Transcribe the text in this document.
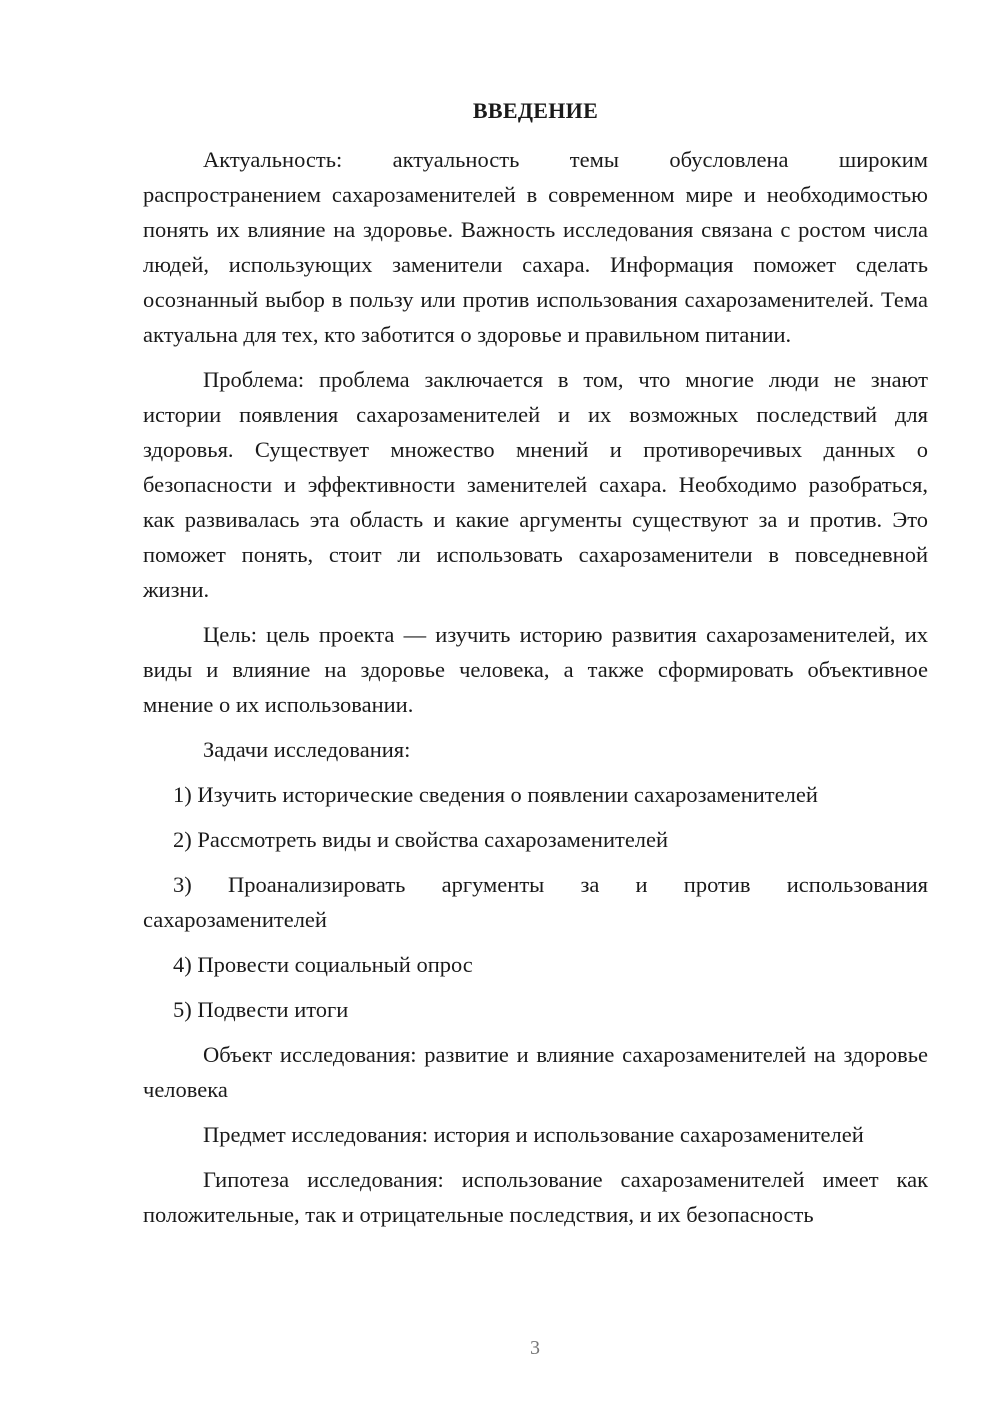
ВВЕДЕНИЕ

Актуальность: актуальность темы обусловлена широким распространением сахарозаменителей в современном мире и необходимостью понять их влияние на здоровье. Важность исследования связана с ростом числа людей, использующих заменители сахара. Информация поможет сделать осознанный выбор в пользу или против использования сахарозаменителей. Тема актуальна для тех, кто заботится о здоровье и правильном питании.

Проблема: проблема заключается в том, что многие люди не знают истории появления сахарозаменителей и их возможных последствий для здоровья. Существует множество мнений и противоречивых данных о безопасности и эффективности заменителей сахара. Необходимо разобраться, как развивалась эта область и какие аргументы существуют за и против. Это поможет понять, стоит ли использовать сахарозаменители в повседневной жизни.

Цель: цель проекта — изучить историю развития сахарозаменителей, их виды и влияние на здоровье человека, а также сформировать объективное мнение о их использовании.

Задачи исследования:

1) Изучить исторические сведения о появлении сахарозаменителей

2) Рассмотреть виды и свойства сахарозаменителей

3) Проанализировать аргументы за и против использования сахарозаменителей

4) Провести социальный опрос

5) Подвести итоги

Объект исследования: развитие и влияние сахарозаменителей на здоровье человека

Предмет исследования: история и использование сахарозаменителей

Гипотеза исследования: использование сахарозаменителей имеет как положительные, так и отрицательные последствия, и их безопасность

3
